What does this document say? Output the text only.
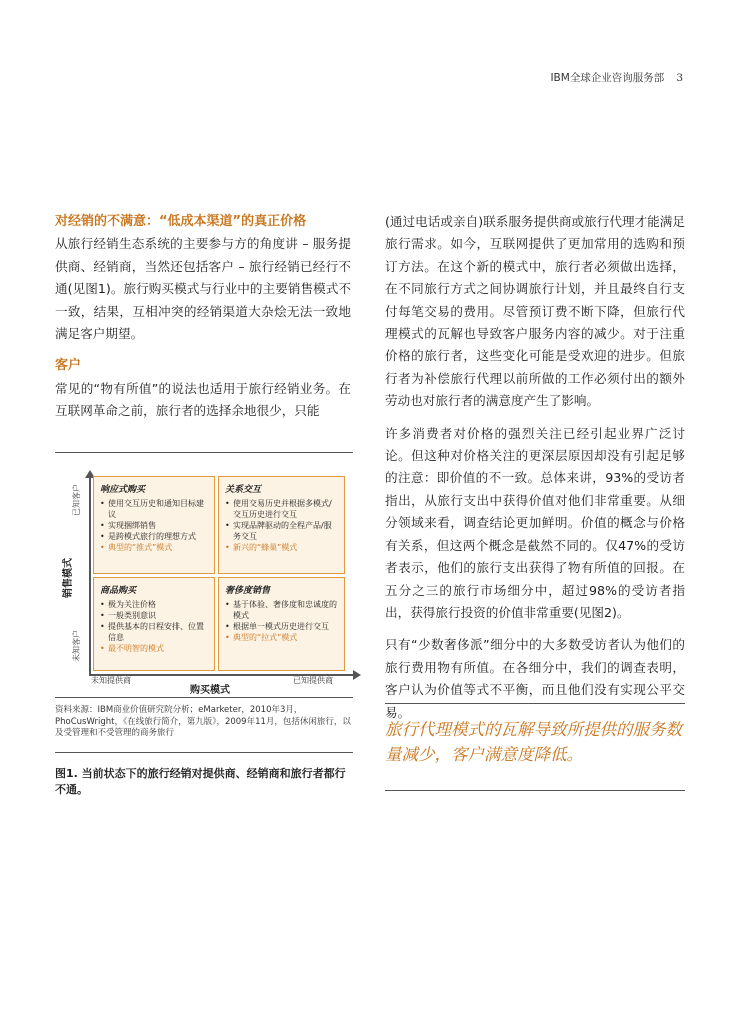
IBM全球企业咨询服务部 3
对经销的不满意：“低成本渠道”的真正价格

从旅行经销生态系统的主要参与方的角度讲 – 服务提供商、经销商，当然还包括客户 – 旅行经销已经行不通(见图1)。旅行购买模式与行业中的主要销售模式不一致，结果，互相冲突的经销渠道大杂烩无法一致地满足客户期望。

客户

常见的“物有所值”的说法也适用于旅行经销业务。在互联网革命之前，旅行者的选择余地很少，只能

已知客户
销售模式
未知客户
响应式购买
• 使用交互历史和通知目标建议
• 实现捆绑销售
• 是跨模式旅行的理想方式
• 典型的“推式”模式
关系交互
• 使用交易历史并根据多模式/交互历史进行交互
• 实现品牌驱动的全程产品/服务交互
• 新兴的“蜂巢”模式
商品购买
• 极为关注价格
• 一般类别意识
• 提供基本的日程安排、位置信息
• 最不明智的模式
奢侈度销售
• 基于体验、奢侈度和忠诚度的模式
• 根据单一模式历史进行交互
• 典型的“拉式”模式
未知提供商	已知提供商
购买模式
资料来源：IBM商业价值研究院分析；eMarketer，2010年3月，PhoCusWright，《在线旅行简介，第九版》，2009年11月，包括休闲旅行，以及受管理和不受管理的商务旅行
图1. 当前状态下的旅行经销对提供商、经销商和旅行者都行不通。

(通过电话或亲自)联系服务提供商或旅行代理才能满足旅行需求。如今，互联网提供了更加常用的选购和预订方法。在这个新的模式中，旅行者必须做出选择，在不同旅行方式之间协调旅行计划，并且最终自行支付每笔交易的费用。尽管预订费不断下降，但旅行代理模式的瓦解也导致客户服务内容的减少。对于注重价格的旅行者，这些变化可能是受欢迎的进步。但旅行者为补偿旅行代理以前所做的工作必须付出的额外劳动也对旅行者的满意度产生了影响。

许多消费者对价格的强烈关注已经引起业界广泛讨论。但这种对价格关注的更深层原因却没有引起足够的注意：即价值的不一致。总体来讲，93%的受访者指出，从旅行支出中获得价值对他们非常重要。从细分领域来看，调查结论更加鲜明。价值的概念与价格有关系，但这两个概念是截然不同的。仅47%的受访者表示，他们的旅行支出获得了物有所值的回报。在五分之三的旅行市场细分中，超过98%的受访者指出，获得旅行投资的价值非常重要(见图2)。

只有“少数奢侈派”细分中的大多数受访者认为他们的旅行费用物有所值。在各细分中，我们的调查表明，客户认为价值等式不平衡，而且他们没有实现公平交易。

旅行代理模式的瓦解导致所提供的服务数量减少，客户满意度降低。
